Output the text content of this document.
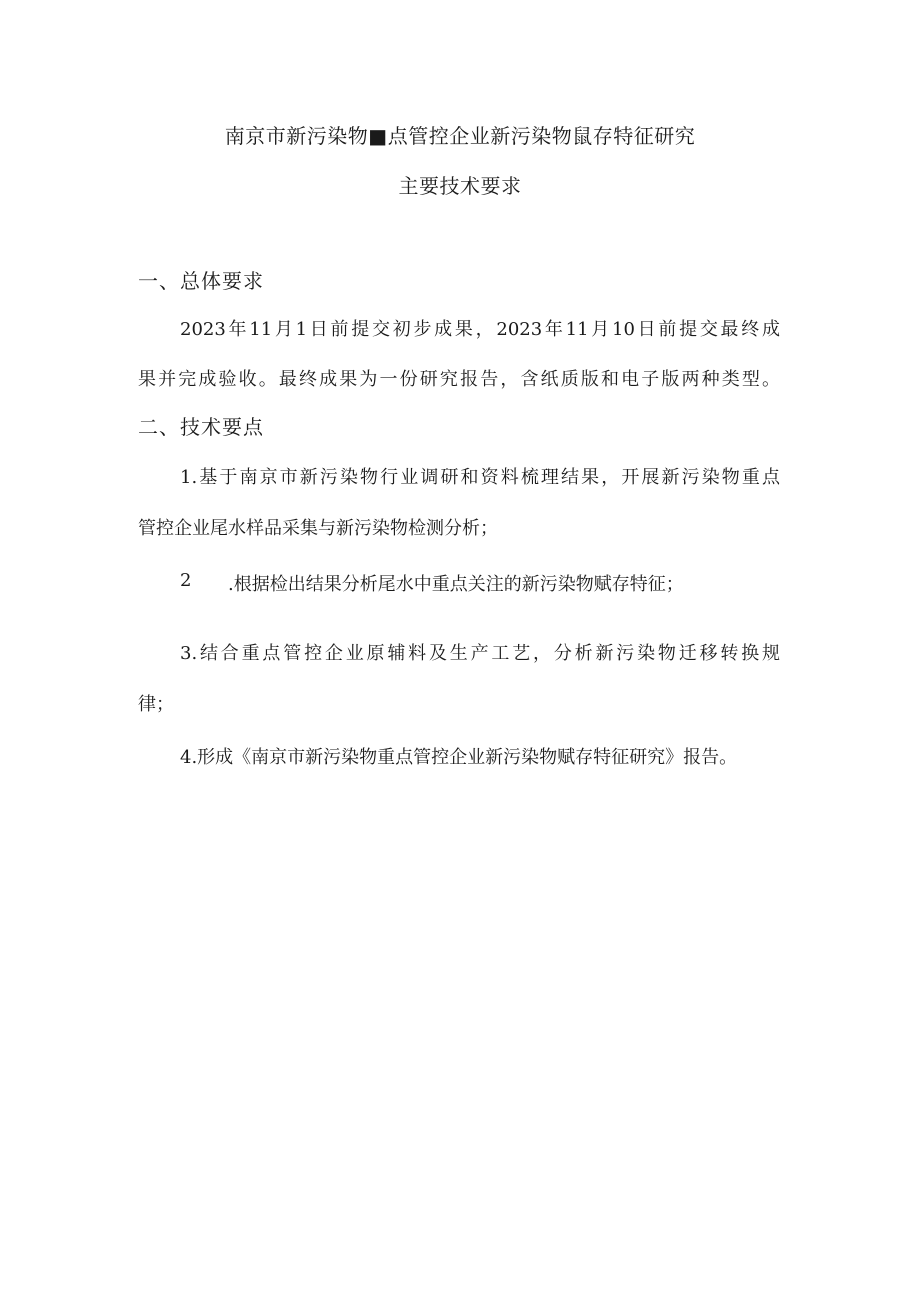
南京市新污染物■点管控企业新污染物鼠存特征研究
主要技术要求
一、总体要求
2023年11月1日前提交初步成果，2023年11月10日前提交最终成
果并完成验收。最终成果为一份研究报告，含纸质版和电子版两种类型。
二、技术要点
1.基于南京市新污染物行业调研和资料梳理结果，开展新污染物重点
管控企业尾水样品采集与新污染物检测分析；
2 .根据检出结果分析尾水中重点关注的新污染物赋存特征；
3.结合重点管控企业原辅料及生产工艺，分析新污染物迁移转换规
律；
4.形成《南京市新污染物重点管控企业新污染物赋存特征研究》报告。
